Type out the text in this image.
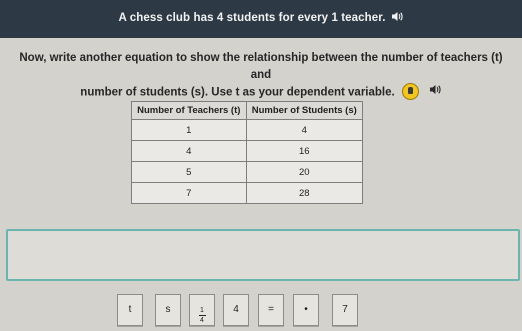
A chess club has 4 students for every 1 teacher.
Now, write another equation to show the relationship between the number of teachers (t) and
number of students (s). Use t as your dependent variable.
Number of Teachers (t)	Number of Students (s)
1	4
4	16
5	20
7	28
t	s	$\frac{1}{4}$	4	=	•	7
